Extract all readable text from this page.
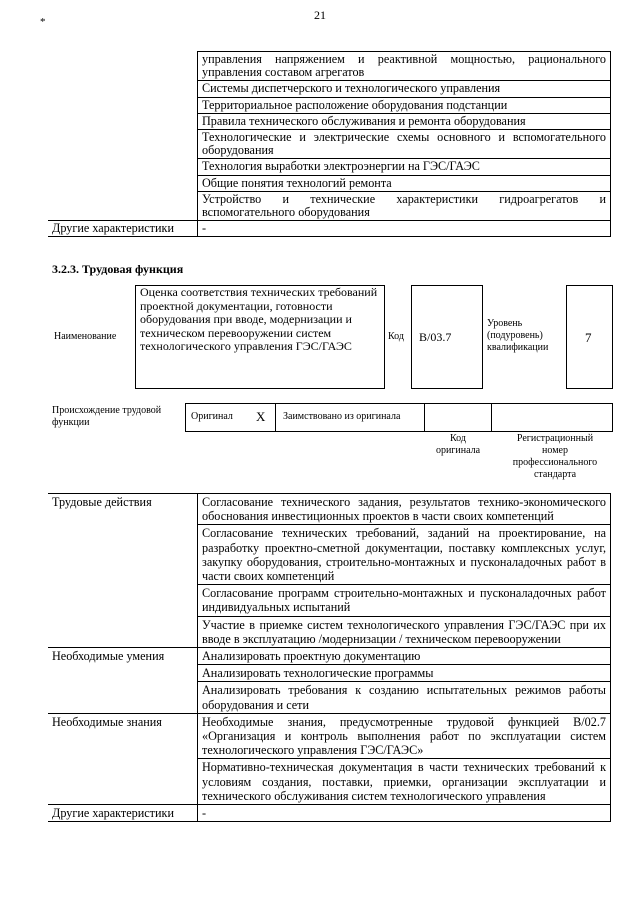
21
*
	управления напряжением и реактивной мощностью, рационального управления составом агрегатов
	Системы диспетчерского и технологического управления
	Территориальное расположение оборудования подстанции
	Правила технического обслуживания и ремонта оборудования
	Технологические и электрические схемы основного и вспомогательного оборудования
	Технология выработки электроэнергии на ГЭС/ГАЭС
	Общие понятия технологий ремонта
	Устройство и технические характеристики гидроагрегатов и вспомогательного оборудования
Другие характеристики	-
3.2.3. Трудовая функция
Наименование
Оценка соответствия технических требований проектной документации, готовности оборудования при вводе, модернизации и техническом перевооружении систем технологического управления ГЭС/ГАЭС
Код B/03.7
Уровень (подуровень) квалификации
7
Происхождение трудовой функции
Оригинал X Заимствовано из оригинала
Код оригинала
Регистрационный номер профессионального стандарта
Трудовые действия	Согласование технического задания, результатов технико-экономического обоснования инвестиционных проектов в части своих компетенций
	Согласование технических требований, заданий на проектирование, на разработку проектно-сметной документации, поставку комплексных услуг, закупку оборудования, строительно-монтажных и пусконаладочных работ в части своих компетенций
	Согласование программ строительно-монтажных и пусконаладочных работ индивидуальных испытаний
	Участие в приемке систем технологического управления ГЭС/ГАЭС при их вводе в эксплуатацию /модернизации / техническом перевооружении
Необходимые умения	Анализировать проектную документацию
	Анализировать технологические программы
	Анализировать требования к созданию испытательных режимов работы оборудования и сети
Необходимые знания	Необходимые знания, предусмотренные трудовой функцией В/02.7 «Организация и контроль выполнения работ по эксплуатации систем технологического управления ГЭС/ГАЭС»
	Нормативно-техническая документация в части технических требований к условиям создания, поставки, приемки, организации эксплуатации и технического обслуживания систем технологического управления
Другие характеристики	-
